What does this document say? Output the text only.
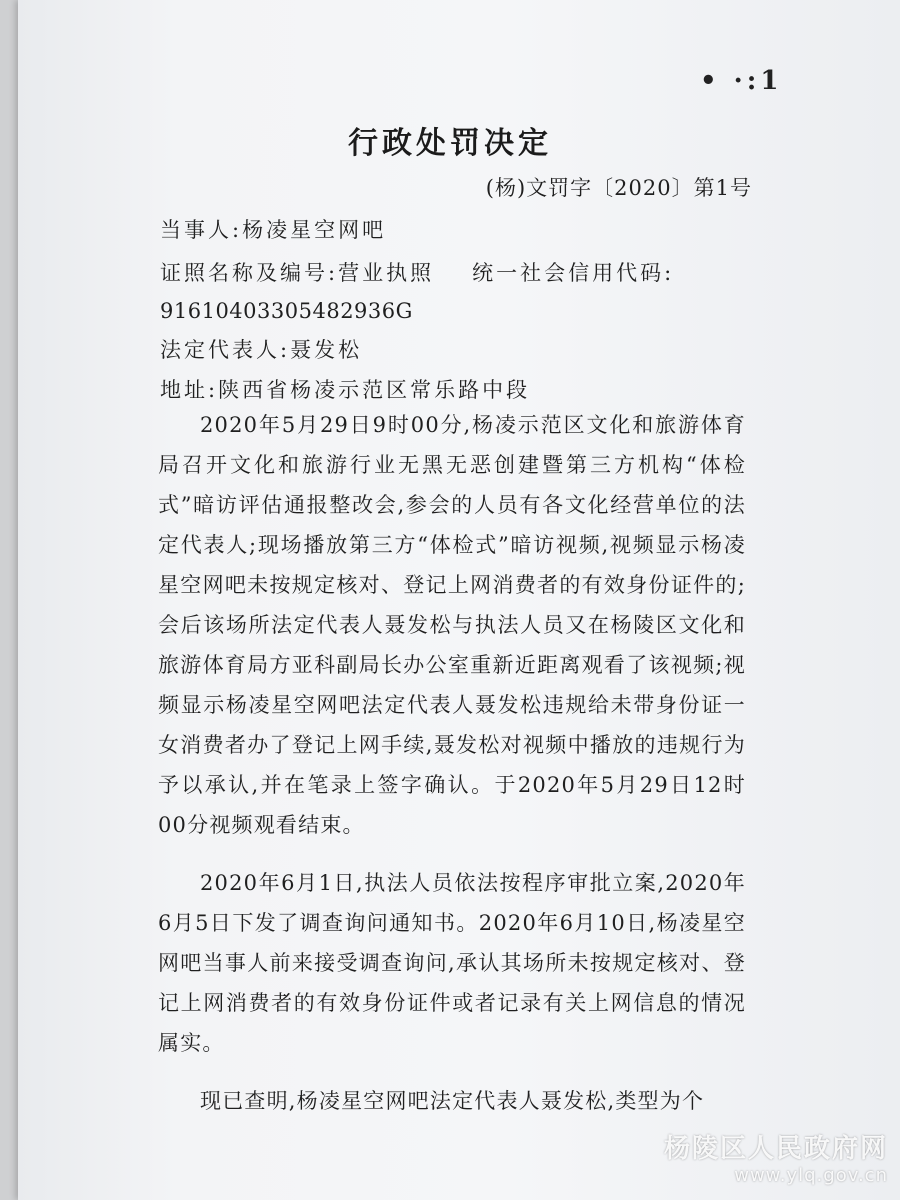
• ·:1
行政处罚决定
(杨)文罚字〔2020〕第1号
当事人:杨凌星空网吧
证照名称及编号:营业执照 统一社会信用代码:
91610403305482936G
法定代表人:聂发松
地址:陕西省杨凌示范区常乐路中段

2020年5月29日9时00分,杨凌示范区文化和旅游体育局召开文化和旅游行业无黑无恶创建暨第三方机构“体检式”暗访评估通报整改会,参会的人员有各文化经营单位的法定代表人;现场播放第三方“体检式”暗访视频,视频显示杨凌星空网吧未按规定核对、登记上网消费者的有效身份证件的;会后该场所法定代表人聂发松与执法人员又在杨陵区文化和旅游体育局方亚科副局长办公室重新近距离观看了该视频;视频显示杨凌星空网吧法定代表人聂发松违规给未带身份证一女消费者办了登记上网手续,聂发松对视频中播放的违规行为予以承认,并在笔录上签字确认。于2020年5月29日12时00分视频观看结束。

2020年6月1日,执法人员依法按程序审批立案,2020年6月5日下发了调查询问通知书。2020年6月10日,杨凌星空网吧当事人前来接受调查询问,承认其场所未按规定核对、登记上网消费者的有效身份证件或者记录有关上网信息的情况属实。

现已查明,杨凌星空网吧法定代表人聂发松,类型为个

杨陵区人民政府网
www.ylq.gov.cn
